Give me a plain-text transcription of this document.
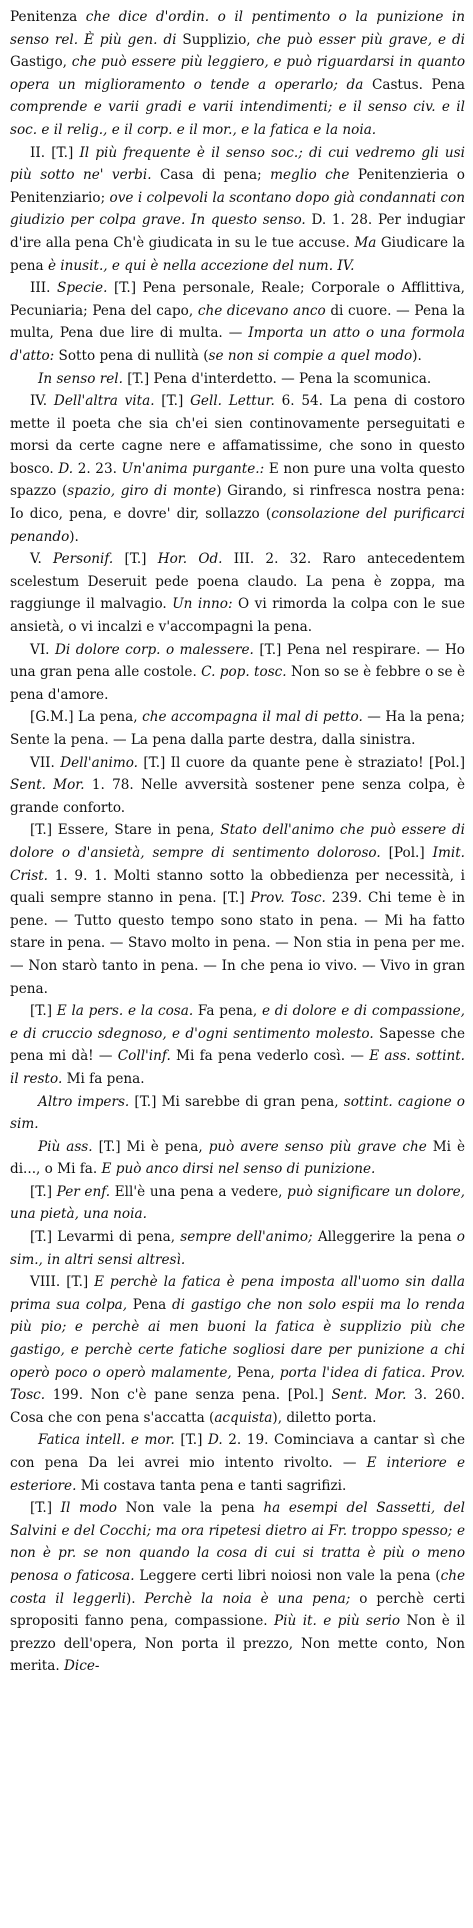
Penitenza che dice d'ordin. o il pentimento o la punizione in senso rel. È più gen. di Supplizio, che può esser più grave, e di Gastigo, che può essere più leggiero, e può riguardarsi in quanto opera un miglioramento o tende a operarlo; da Castus. Pena comprende e varii gradi e varii intendimenti; e il senso civ. e il soc. e il relig., e il corp. e il mor., e la fatica e la noia.

II. [T.] Il più frequente è il senso soc.; di cui vedremo gli usi più sotto ne' verbi. Casa di pena; meglio che Penitenzieria o Penitenziario; ove i colpevoli la scontano dopo già condannati con giudizio per colpa grave. In questo senso. D. 1. 28. Per indugiar d'ire alla pena Ch'è giudicata in su le tue accuse. Ma Giudicare la pena è inusit., e qui è nella accezione del num. IV.

III. Specie. [T.] Pena personale, Reale; Corporale o Afflittiva, Pecuniaria; Pena del capo, che dicevano anco di cuore. — Pena la multa, Pena due lire di multa. — Importa un atto o una formola d'atto: Sotto pena di nullità (se non si compie a quel modo).

In senso rel. [T.] Pena d'interdetto. — Pena la scomunica.

IV. Dell'altra vita. [T.] Gell. Lettur. 6. 54. La pena di costoro mette il poeta che sia ch'ei sien continovamente perseguitati e morsi da certe cagne nere e affamatissime, che sono in questo bosco. D. 2. 23. Un'anima purgante.: E non pure una volta questo spazzo (spazio, giro di monte) Girando, si rinfresca nostra pena: Io dico, pena, e dovre' dir, sollazzo (consolazione del purificarci penando).

V. Personif. [T.] Hor. Od. III. 2. 32. Raro antecedentem scelestum Deseruit pede poena claudo. La pena è zoppa, ma raggiunge il malvagio. Un inno: O vi rimorda la colpa con le sue ansietà, o vi incalzi e v'accompagni la pena.

VI. Di dolore corp. o malessere. [T.] Pena nel respirare. — Ho una gran pena alle costole. C. pop. tosc. Non so se è febbre o se è pena d'amore.

[G.M.] La pena, che accompagna il mal di petto. — Ha la pena; Sente la pena. — La pena dalla parte destra, dalla sinistra.

VII. Dell'animo. [T.] Il cuore da quante pene è straziato! [Pol.] Sent. Mor. 1. 78. Nelle avversità sostener pene senza colpa, è grande conforto.

[T.] Essere, Stare in pena, Stato dell'animo che può essere di dolore o d'ansietà, sempre di sentimento doloroso. [Pol.] Imit. Crist. 1. 9. 1. Molti stanno sotto la obbedienza per necessità, i quali sempre stanno in pena. [T.] Prov. Tosc. 239. Chi teme è in pene. — Tutto questo tempo sono stato in pena. — Mi ha fatto stare in pena. — Stavo molto in pena. — Non stia in pena per me. — Non starò tanto in pena. — In che pena io vivo. — Vivo in gran pena.

[T.] E la pers. e la cosa. Fa pena, e di dolore e di compassione, e di cruccio sdegnoso, e d'ogni sentimento molesto. Sapesse che pena mi dà! — Coll'inf. Mi fa pena vederlo così. — E ass. sottint. il resto. Mi fa pena.

Altro impers. [T.] Mi sarebbe di gran pena, sottint. cagione o sim.

Più ass. [T.] Mi è pena, può avere senso più grave che Mi è di..., o Mi fa. E può anco dirsi nel senso di punizione.

[T.] Per enf. Ell'è una pena a vedere, può significare un dolore, una pietà, una noia.

[T.] Levarmi di pena, sempre dell'animo; Alleggerire la pena o sim., in altri sensi altresì.

VIII. [T.] E perchè la fatica è pena imposta all'uomo sin dalla prima sua colpa, Pena di gastigo che non solo espii ma lo renda più pio; e perchè ai men buoni la fatica è supplizio più che gastigo, e perchè certe fatiche sogliosi dare per punizione a chi operò poco o operò malamente, Pena, porta l'idea di fatica. Prov. Tosc. 199. Non c'è pane senza pena. [Pol.] Sent. Mor. 3. 260. Cosa che con pena s'accatta (acquista), diletto porta.

Fatica intell. e mor. [T.] D. 2. 19. Cominciava a cantar sì che con pena Da lei avrei mio intento rivolto. — E interiore e esteriore. Mi costava tanta pena e tanti sagrifizi.

[T.] Il modo Non vale la pena ha esempi del Sassetti, del Salvini e del Cocchi; ma ora ripetesi dietro ai Fr. troppo spesso; e non è pr. se non quando la cosa di cui si tratta è più o meno penosa o faticosa. Leggere certi libri noiosi non vale la pena (che costa il leggerli). Perchè la noia è una pena; o perchè certi spropositi fanno pena, compassione. Più it. e più serio Non è il prezzo dell'opera, Non porta il prezzo, Non mette conto, Non merita. Dice-
